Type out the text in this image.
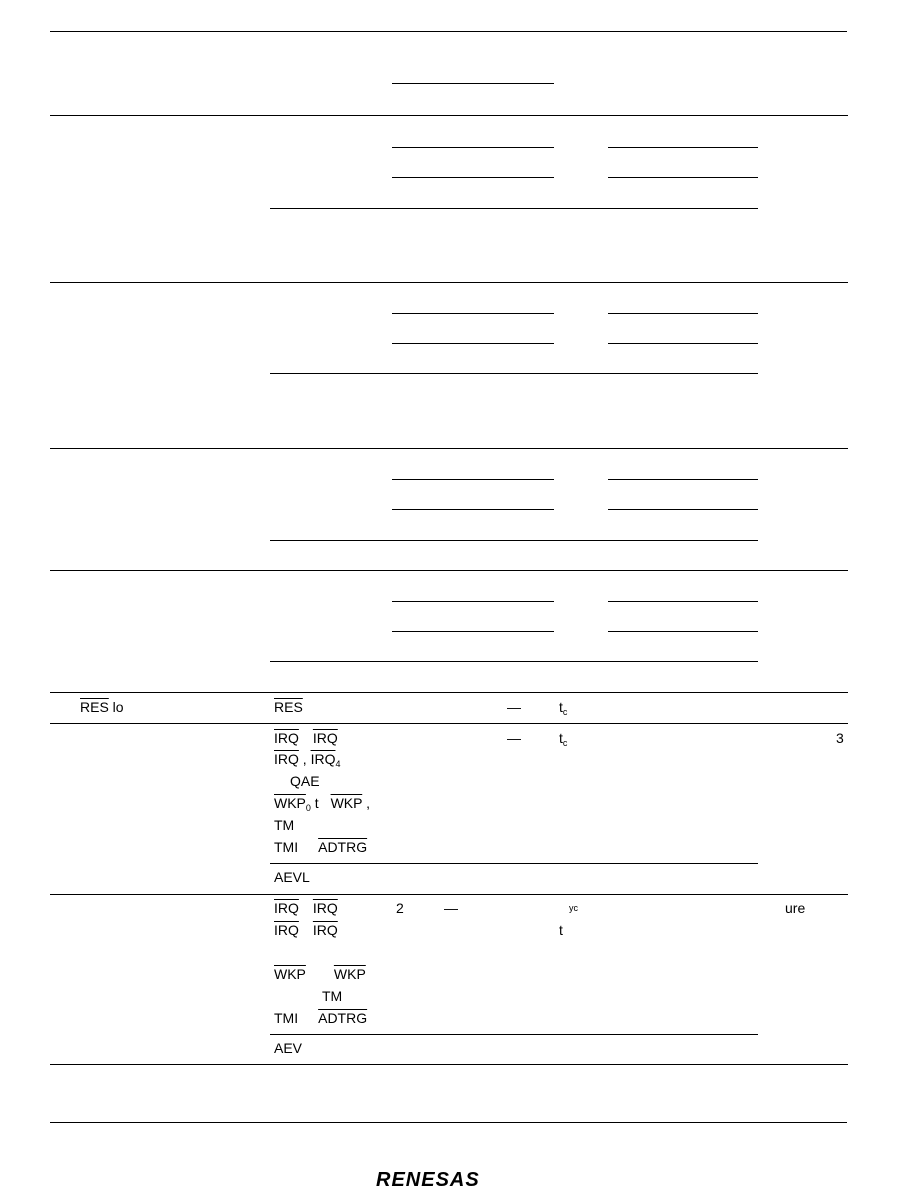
$\overline{RES}$ lo	$\overline{RES}$	—	$t_c$
$\overline{IRQ}$ $\overline{IRQ}$	—	$t_c$	3
$\overline{IRQ}$ , $\overline{IRQ}_4$
QAE
$\overline{WKP}_0$ t $\overline{WKP}$ ,
TM
TMI ADTRG
AEVL
$\overline{IRQ}$ $\overline{IRQ}$	2	—	$^{yc}$	ure
$\overline{IRQ}$ $\overline{IRQ}$	t
$\overline{WKP}$ $\overline{WKP}$
TM
TMI ADTRG
AEV
RENESAS
